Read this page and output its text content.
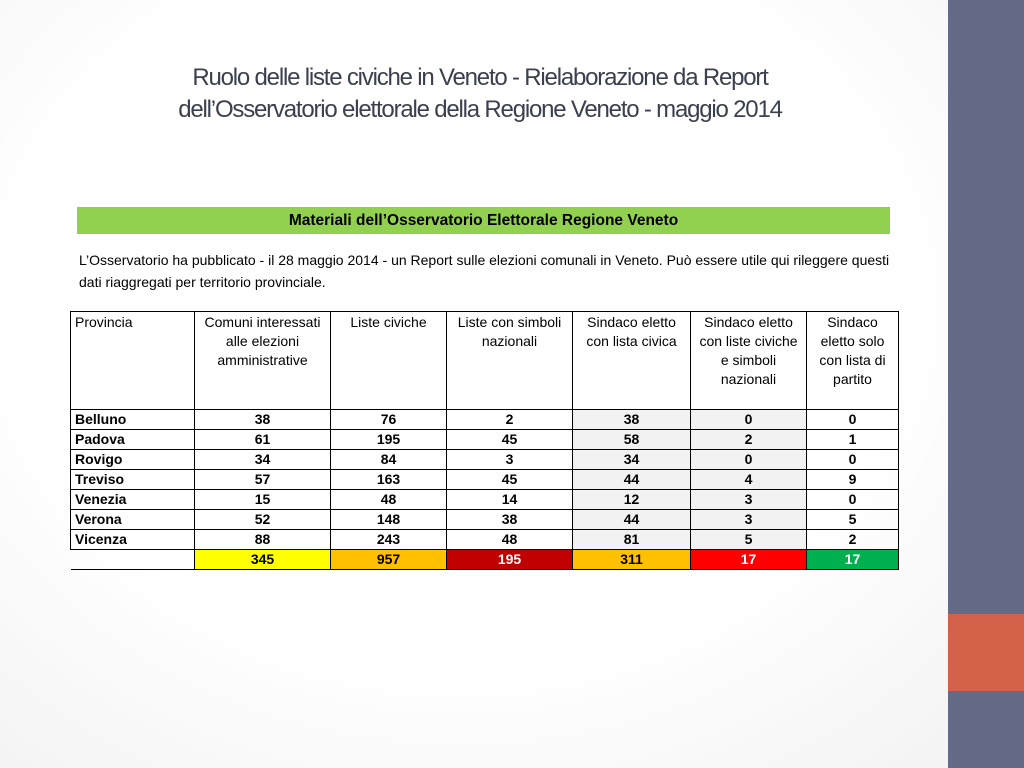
Ruolo delle liste civiche in Veneto - Rielaborazione da Report
dell’Osservatorio elettorale della Regione Veneto - maggio 2014
Materiali dell’Osservatorio Elettorale Regione Veneto
L’Osservatorio ha pubblicato - il 28 maggio 2014 - un Report sulle elezioni comunali in Veneto. Può essere utile qui rileggere questi dati riaggregati per territorio provinciale.
Provincia	Comuni interessati alle elezioni amministrative	Liste civiche	Liste con simboli nazionali	Sindaco eletto con lista civica	Sindaco eletto con liste civiche e simboli nazionali	Sindaco eletto solo con lista di partito
Belluno	38	76	2	38	0	0
Padova	61	195	45	58	2	1
Rovigo	34	84	3	34	0	0
Treviso	57	163	45	44	4	9
Venezia	15	48	14	12	3	0
Verona	52	148	38	44	3	5
Vicenza	88	243	48	81	5	2
	345	957	195	311	17	17
